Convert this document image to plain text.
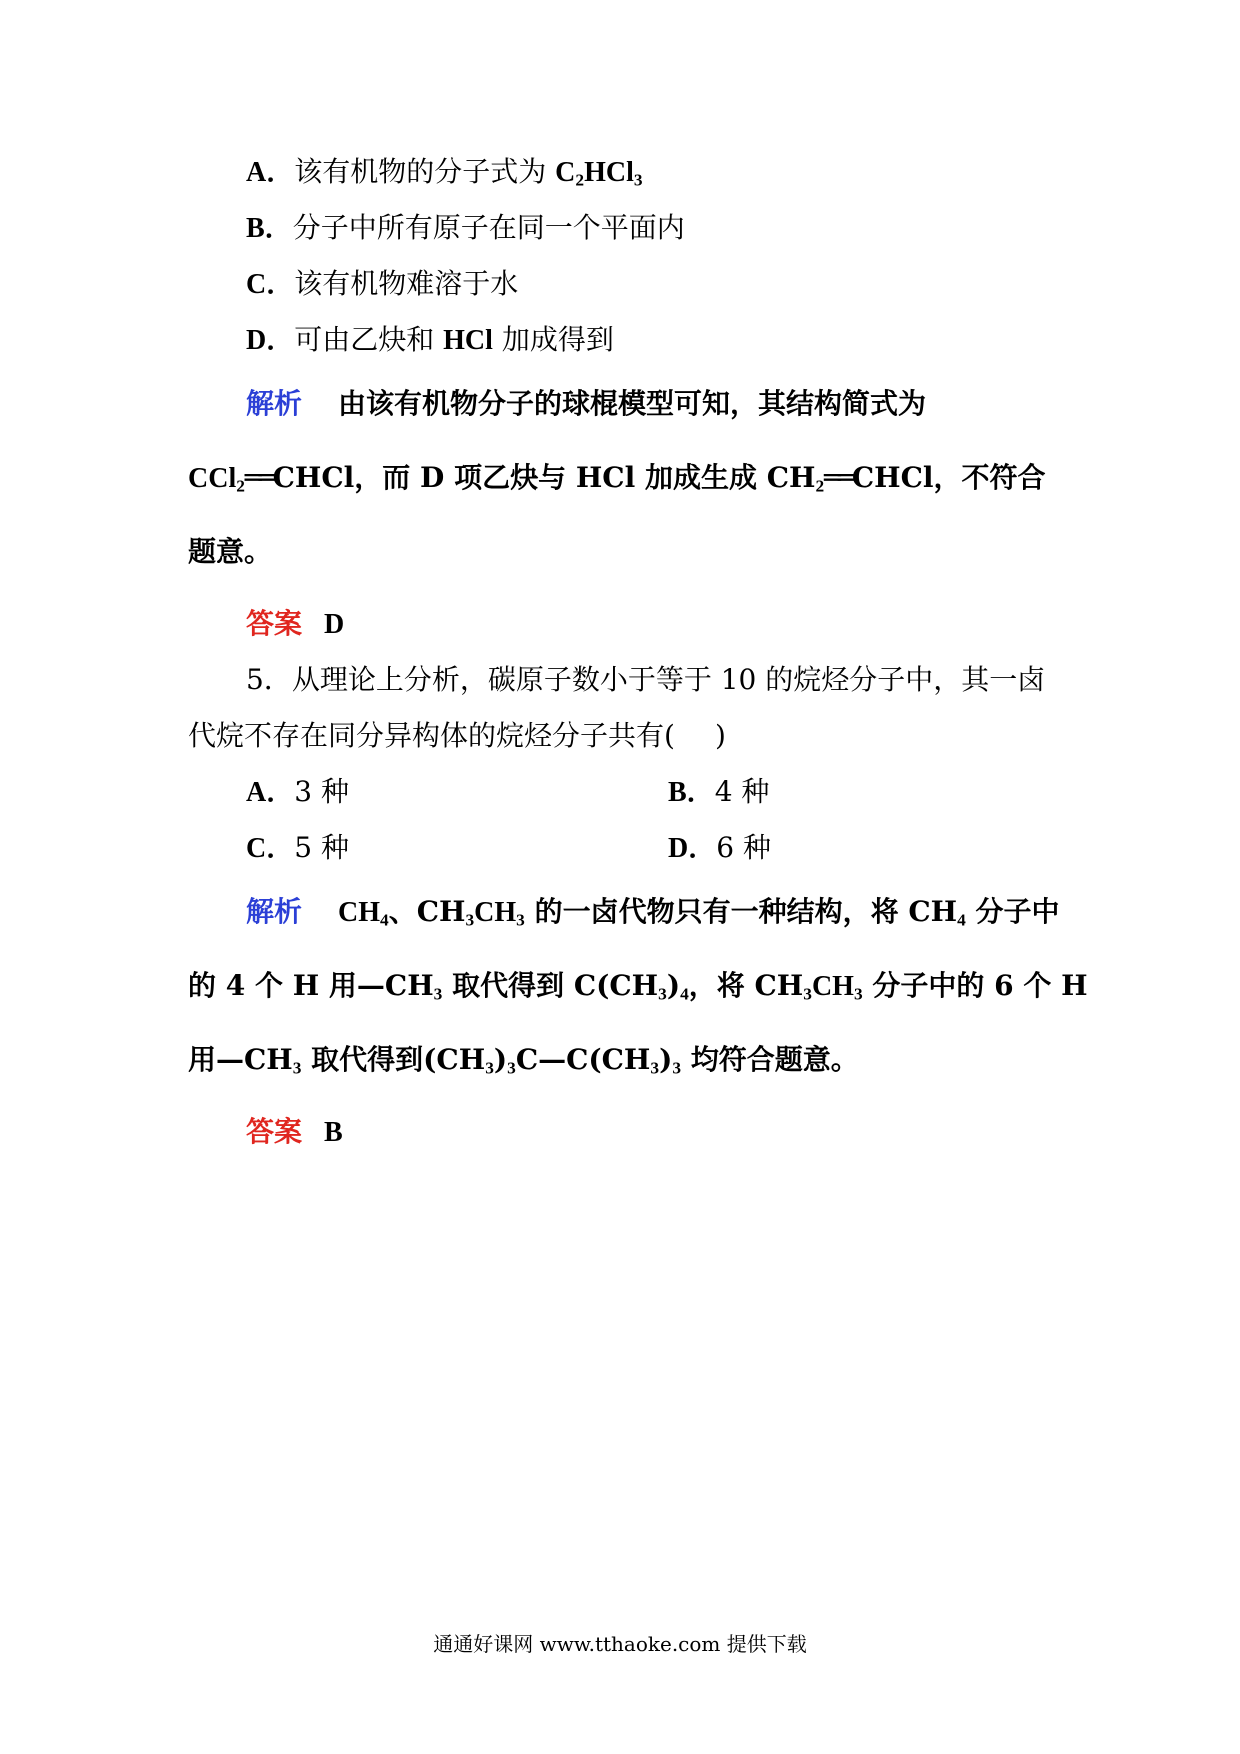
A．该有机物的分子式为 $C_2HCl_3$
B．分子中所有原子在同一个平面内
C．该有机物难溶于水
D．可由乙炔和 HCl 加成得到
解析 由该有机物分子的球棍模型可知，其结构简式为
CCl$_2$══CHCl，而 D 项乙炔与 HCl 加成生成 $CH_2══CHCl$，不符合
题意。
答案 D
5．从理论上分析，碳原子数小于等于 10 的烷烃分子中，其一卤
代烷不存在同分异构体的烷烃分子共有( )
A．3 种	B．4 种
C．5 种	D．6 种
解析 $CH_4$、$CH_3CH_3$ 的一卤代物只有一种结构，将 $CH_4$ 分子中
的 4 个 H 用$—CH_3$ 取代得到 $C(CH_3)_4$，将 $CH_3CH_3$ 分子中的 6 个 H
用$—CH_3$ 取代得到$(CH_3)_3C—C(CH_3)_3$ 均符合题意。
答案 B
通通好课网 www.tthaoke.com 提供下载
